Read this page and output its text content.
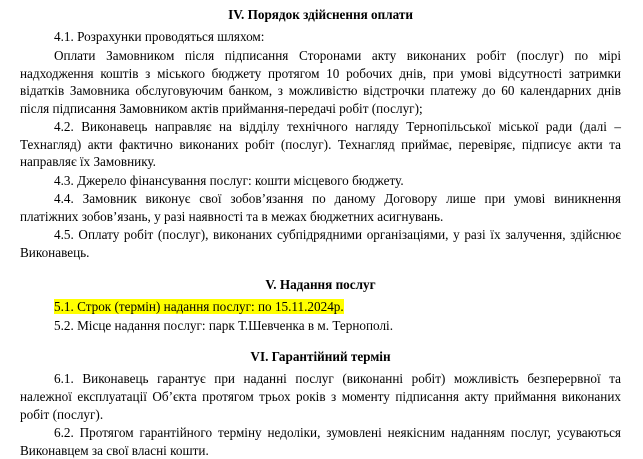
IV. Порядок здійснення оплати

4.1. Розрахунки проводяться шляхом:

Оплати Замовником після підписання Сторонами акту виконаних робіт (послуг) по мірі надходження коштів з міського бюджету протягом 10 робочих днів, при умові відсутності затримки відатків Замовника обслуговуючим банком, з можливістю відстрочки платежу до 60 календарних днів після підписання Замовником актів приймання-передачі робіт (послуг);

4.2. Виконавець направляє на відділу технічного нагляду Тернопільської міської ради (далі – Технагляд) акти фактично виконаних робіт (послуг). Технагляд приймає, перевіряє, підписує акти та направляє їх Замовнику.

4.3. Джерело фінансування послуг: кошти місцевого бюджету.

4.4. Замовник виконує свої зобов’язання по даному Договору лише при умові виникнення платіжних зобов’язань, у разі наявності та в межах бюджетних асигнувань.

4.5. Оплату робіт (послуг), виконаних субпідрядними організаціями, у разі їх залучення, здійснює Виконавець.

V. Надання послуг

5.1. Строк (термін) надання послуг: по 15.11.2024р.

5.2. Місце надання послуг: парк Т.Шевченка в м. Тернополі.

VI. Гарантійний термін

6.1. Виконавець гарантує при наданні послуг (виконанні робіт) можливість безперервної та належної експлуатації Об’єкта протягом трьох років з моменту підписання акту приймання виконаних робіт (послуг).

6.2. Протягом гарантійного терміну недоліки, зумовлені неякісним наданням послуг, усуваються Виконавцем за свої власні кошти.
